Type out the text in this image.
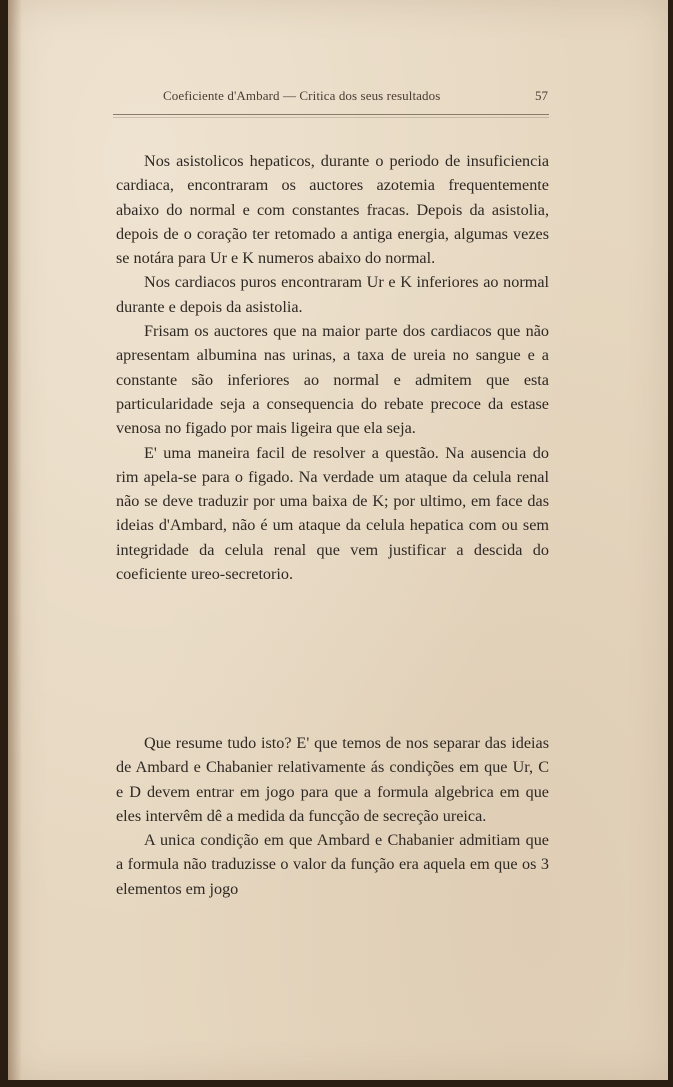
Coeficiente d'Ambard — Critica dos seus resultados	57

Nos asistolicos hepaticos, durante o periodo de insuficiencia cardiaca, encontraram os auctores azotemia frequentemente abaixo do normal e com constantes fracas. Depois da asistolia, depois de o coração ter retomado a antiga energia, algumas vezes se notára para Ur e K numeros abaixo do normal.

Nos cardiacos puros encontraram Ur e K inferiores ao normal durante e depois da asistolia.

Frisam os auctores que na maior parte dos cardiacos que não apresentam albumina nas urinas, a taxa de ureia no sangue e a constante são inferiores ao normal e admitem que esta particularidade seja a consequencia do rebate precoce da estase venosa no figado por mais ligeira que ela seja.

E' uma maneira facil de resolver a questão. Na ausencia do rim apela-se para o figado. Na verdade um ataque da celula renal não se deve traduzir por uma baixa de K; por ultimo, em face das ideias d'Ambard, não é um ataque da celula hepatica com ou sem integridade da celula renal que vem justificar a descida do coeficiente ureo-secretorio.

Que resume tudo isto? E' que temos de nos separar das ideias de Ambard e Chabanier relativamente ás condições em que Ur, C e D devem entrar em jogo para que a formula algebrica em que eles intervêm dê a medida da funcção de secreção ureica.

A unica condição em que Ambard e Chabanier admitiam que a formula não traduzisse o valor da função era aquela em que os 3 elementos em jogo
